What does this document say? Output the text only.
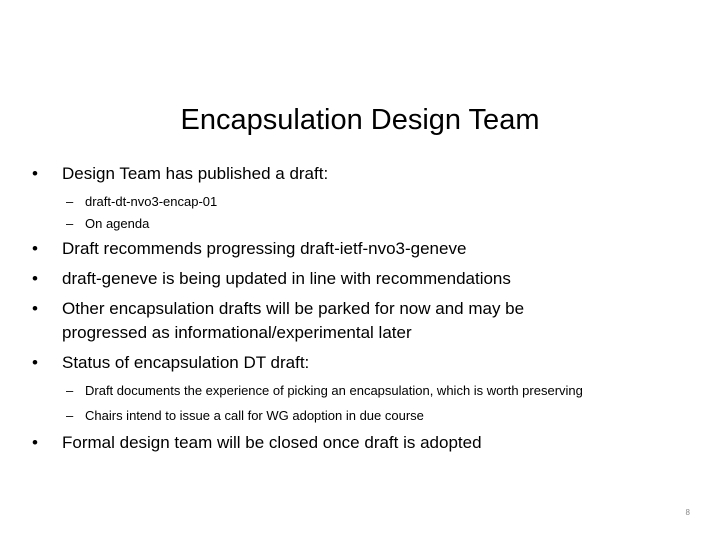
Encapsulation Design Team
• Design Team has published a draft:
– draft-dt-nvo3-encap-01
– On agenda
• Draft recommends progressing draft-ietf-nvo3-geneve
• draft-geneve is being updated in line with recommendations
• Other encapsulation drafts will be parked for now and may be progressed as informational/experimental later
• Status of encapsulation DT draft:
– Draft documents the experience of picking an encapsulation, which is worth preserving
– Chairs intend to issue a call for WG adoption in due course
• Formal design team will be closed once draft is adopted
8
